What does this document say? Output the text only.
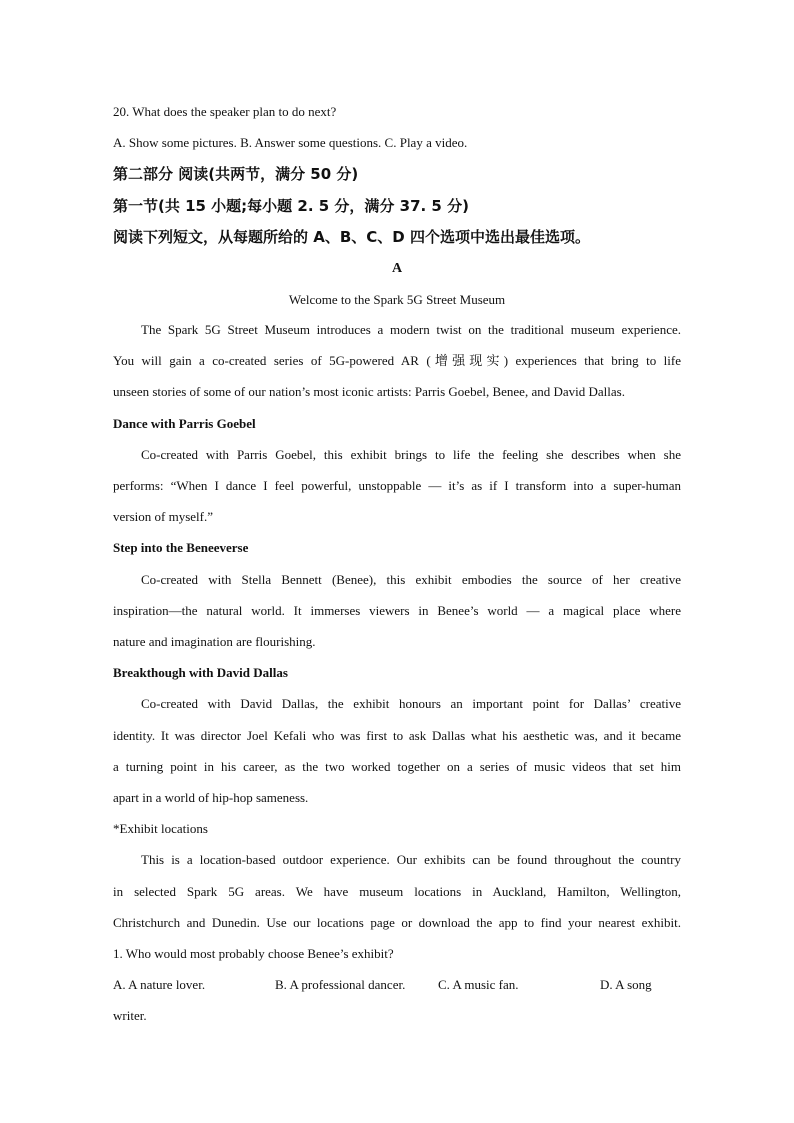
20. What does the speaker plan to do next?
A. Show some pictures. B. Answer some questions. C. Play a video.
第二部分 阅读(共两节，满分 50 分)
第一节(共 15 小题;每小题 2. 5 分，满分 37. 5 分)
阅读下列短文，从每题所给的 A、B、C、D 四个选项中选出最佳选项。
A
Welcome to the Spark 5G Street Museum
The Spark 5G Street Museum introduces a modern twist on the traditional museum experience.
You will gain a co-created series of 5G-powered AR (增强现实) experiences that bring to life
unseen stories of some of our nation’s most iconic artists: Parris Goebel, Benee, and David Dallas.
Dance with Parris Goebel
Co-created with Parris Goebel, this exhibit brings to life the feeling she describes when she
performs: “When I dance I feel powerful, unstoppable — it’s as if I transform into a super-human
version of myself.”
Step into the Beneeverse
Co-created with Stella Bennett (Benee), this exhibit embodies the source of her creative
inspiration—the natural world. It immerses viewers in Benee’s world — a magical place where
nature and imagination are flourishing.
Breakthough with David Dallas
Co-created with David Dallas, the exhibit honours an important point for Dallas’ creative
identity. It was director Joel Kefali who was first to ask Dallas what his aesthetic was, and it became
a turning point in his career, as the two worked together on a series of music videos that set him
apart in a world of hip-hop sameness.
*Exhibit locations
This is a location-based outdoor experience. Our exhibits can be found throughout the country
in selected Spark 5G areas. We have museum locations in Auckland, Hamilton, Wellington,
Christchurch and Dunedin. Use our locations page or download the app to find your nearest exhibit.
1. Who would most probably choose Benee’s exhibit?
A. A nature lover.	B. A professional dancer.	C. A music fan.	D. A song
writer.
